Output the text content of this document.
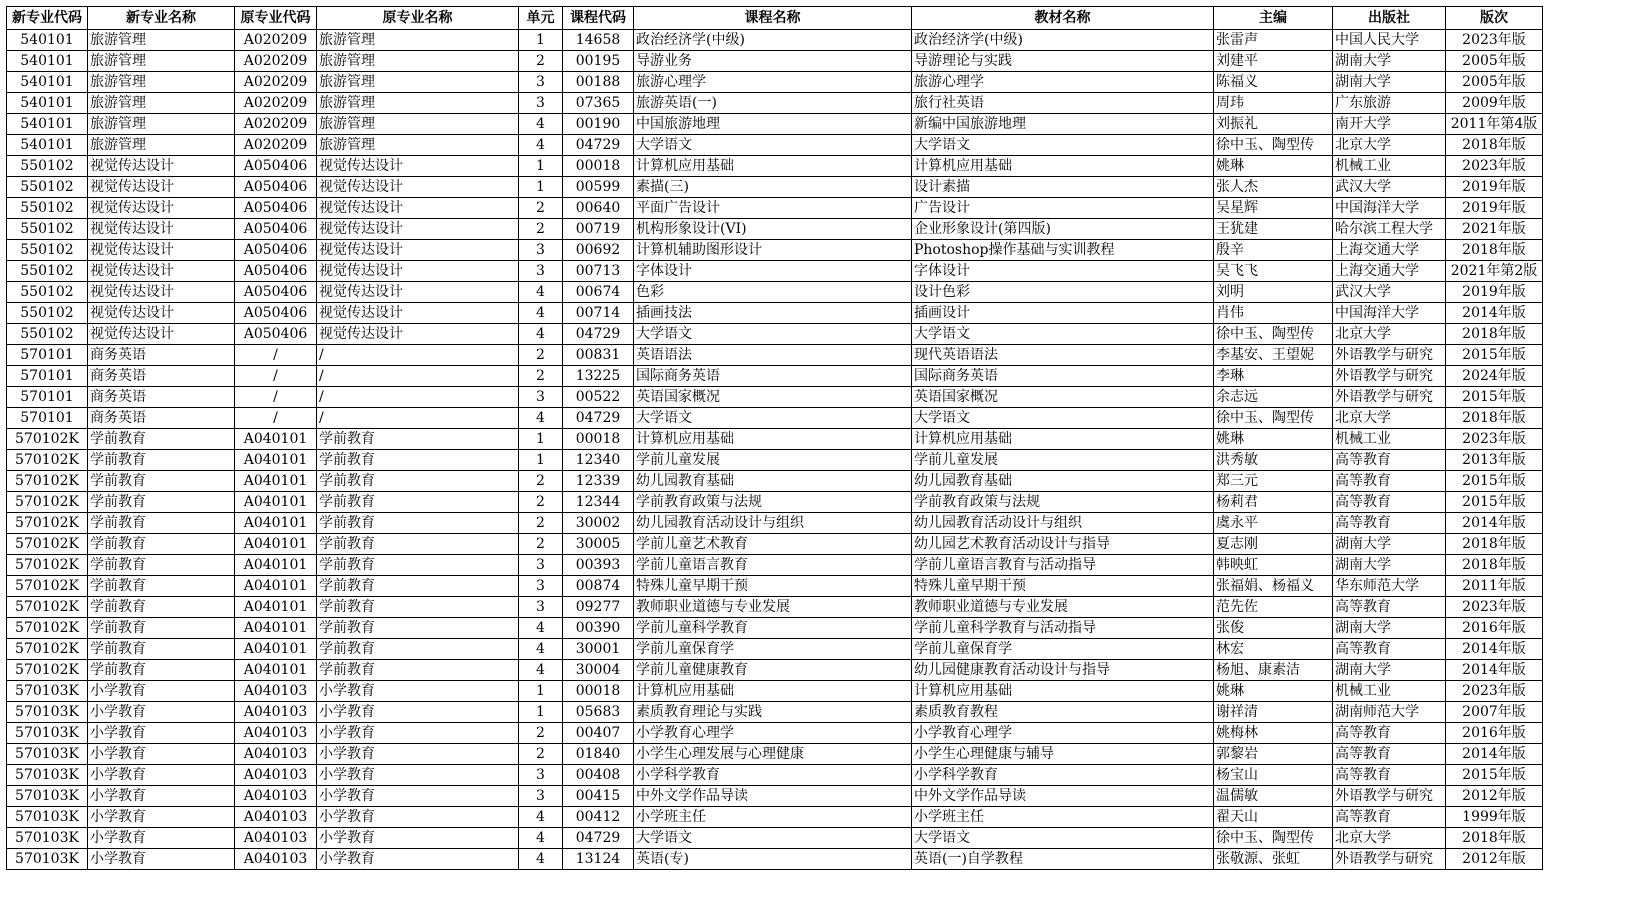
新专业代码	新专业名称	原专业代码	原专业名称	单元	课程代码	课程名称	教材名称	主编	出版社	版次
540101	旅游管理	A020209	旅游管理	1	14658	政治经济学(中级)	政治经济学(中级)	张雷声	中国人民大学	2023年版
540101	旅游管理	A020209	旅游管理	2	00195	导游业务	导游理论与实践	刘建平	湖南大学	2005年版
540101	旅游管理	A020209	旅游管理	3	00188	旅游心理学	旅游心理学	陈福义	湖南大学	2005年版
540101	旅游管理	A020209	旅游管理	3	07365	旅游英语(一)	旅行社英语	周玮	广东旅游	2009年版
540101	旅游管理	A020209	旅游管理	4	00190	中国旅游地理	新编中国旅游地理	刘振礼	南开大学	2011年第4版
540101	旅游管理	A020209	旅游管理	4	04729	大学语文	大学语文	徐中玉、陶型传	北京大学	2018年版
550102	视觉传达设计	A050406	视觉传达设计	1	00018	计算机应用基础	计算机应用基础	姚琳	机械工业	2023年版
550102	视觉传达设计	A050406	视觉传达设计	1	00599	素描(三)	设计素描	张人杰	武汉大学	2019年版
550102	视觉传达设计	A050406	视觉传达设计	2	00640	平面广告设计	广告设计	吴星辉	中国海洋大学	2019年版
550102	视觉传达设计	A050406	视觉传达设计	2	00719	机构形象设计(VI)	企业形象设计(第四版)	王犹建	哈尔滨工程大学	2021年版
550102	视觉传达设计	A050406	视觉传达设计	3	00692	计算机辅助图形设计	Photoshop操作基础与实训教程	殷辛	上海交通大学	2018年版
550102	视觉传达设计	A050406	视觉传达设计	3	00713	字体设计	字体设计	吴飞飞	上海交通大学	2021年第2版
550102	视觉传达设计	A050406	视觉传达设计	4	00674	色彩	设计色彩	刘明	武汉大学	2019年版
550102	视觉传达设计	A050406	视觉传达设计	4	00714	插画技法	插画设计	肖伟	中国海洋大学	2014年版
550102	视觉传达设计	A050406	视觉传达设计	4	04729	大学语文	大学语文	徐中玉、陶型传	北京大学	2018年版
570101	商务英语	/	/	2	00831	英语语法	现代英语语法	李基安、王望妮	外语教学与研究	2015年版
570101	商务英语	/	/	2	13225	国际商务英语	国际商务英语	李琳	外语教学与研究	2024年版
570101	商务英语	/	/	3	00522	英语国家概况	英语国家概况	余志远	外语教学与研究	2015年版
570101	商务英语	/	/	4	04729	大学语文	大学语文	徐中玉、陶型传	北京大学	2018年版
570102K	学前教育	A040101	学前教育	1	00018	计算机应用基础	计算机应用基础	姚琳	机械工业	2023年版
570102K	学前教育	A040101	学前教育	1	12340	学前儿童发展	学前儿童发展	洪秀敏	高等教育	2013年版
570102K	学前教育	A040101	学前教育	2	12339	幼儿园教育基础	幼儿园教育基础	郑三元	高等教育	2015年版
570102K	学前教育	A040101	学前教育	2	12344	学前教育政策与法规	学前教育政策与法规	杨莉君	高等教育	2015年版
570102K	学前教育	A040101	学前教育	2	30002	幼儿园教育活动设计与组织	幼儿园教育活动设计与组织	虞永平	高等教育	2014年版
570102K	学前教育	A040101	学前教育	2	30005	学前儿童艺术教育	幼儿园艺术教育活动设计与指导	夏志刚	湖南大学	2018年版
570102K	学前教育	A040101	学前教育	3	00393	学前儿童语言教育	学前儿童语言教育与活动指导	韩映虹	湖南大学	2018年版
570102K	学前教育	A040101	学前教育	3	00874	特殊儿童早期干预	特殊儿童早期干预	张福娟、杨福义	华东师范大学	2011年版
570102K	学前教育	A040101	学前教育	3	09277	教师职业道德与专业发展	教师职业道德与专业发展	范先佐	高等教育	2023年版
570102K	学前教育	A040101	学前教育	4	00390	学前儿童科学教育	学前儿童科学教育与活动指导	张俊	湖南大学	2016年版
570102K	学前教育	A040101	学前教育	4	30001	学前儿童保育学	学前儿童保育学	林宏	高等教育	2014年版
570102K	学前教育	A040101	学前教育	4	30004	学前儿童健康教育	幼儿园健康教育活动设计与指导	杨旭、康素洁	湖南大学	2014年版
570103K	小学教育	A040103	小学教育	1	00018	计算机应用基础	计算机应用基础	姚琳	机械工业	2023年版
570103K	小学教育	A040103	小学教育	1	05683	素质教育理论与实践	素质教育教程	谢祥清	湖南师范大学	2007年版
570103K	小学教育	A040103	小学教育	2	00407	小学教育心理学	小学教育心理学	姚梅林	高等教育	2016年版
570103K	小学教育	A040103	小学教育	2	01840	小学生心理发展与心理健康	小学生心理健康与辅导	郭黎岩	高等教育	2014年版
570103K	小学教育	A040103	小学教育	3	00408	小学科学教育	小学科学教育	杨宝山	高等教育	2015年版
570103K	小学教育	A040103	小学教育	3	00415	中外文学作品导读	中外文学作品导读	温儒敏	外语教学与研究	2012年版
570103K	小学教育	A040103	小学教育	4	00412	小学班主任	小学班主任	翟天山	高等教育	1999年版
570103K	小学教育	A040103	小学教育	4	04729	大学语文	大学语文	徐中玉、陶型传	北京大学	2018年版
570103K	小学教育	A040103	小学教育	4	13124	英语(专)	英语(一)自学教程	张敬源、张虹	外语教学与研究	2012年版
